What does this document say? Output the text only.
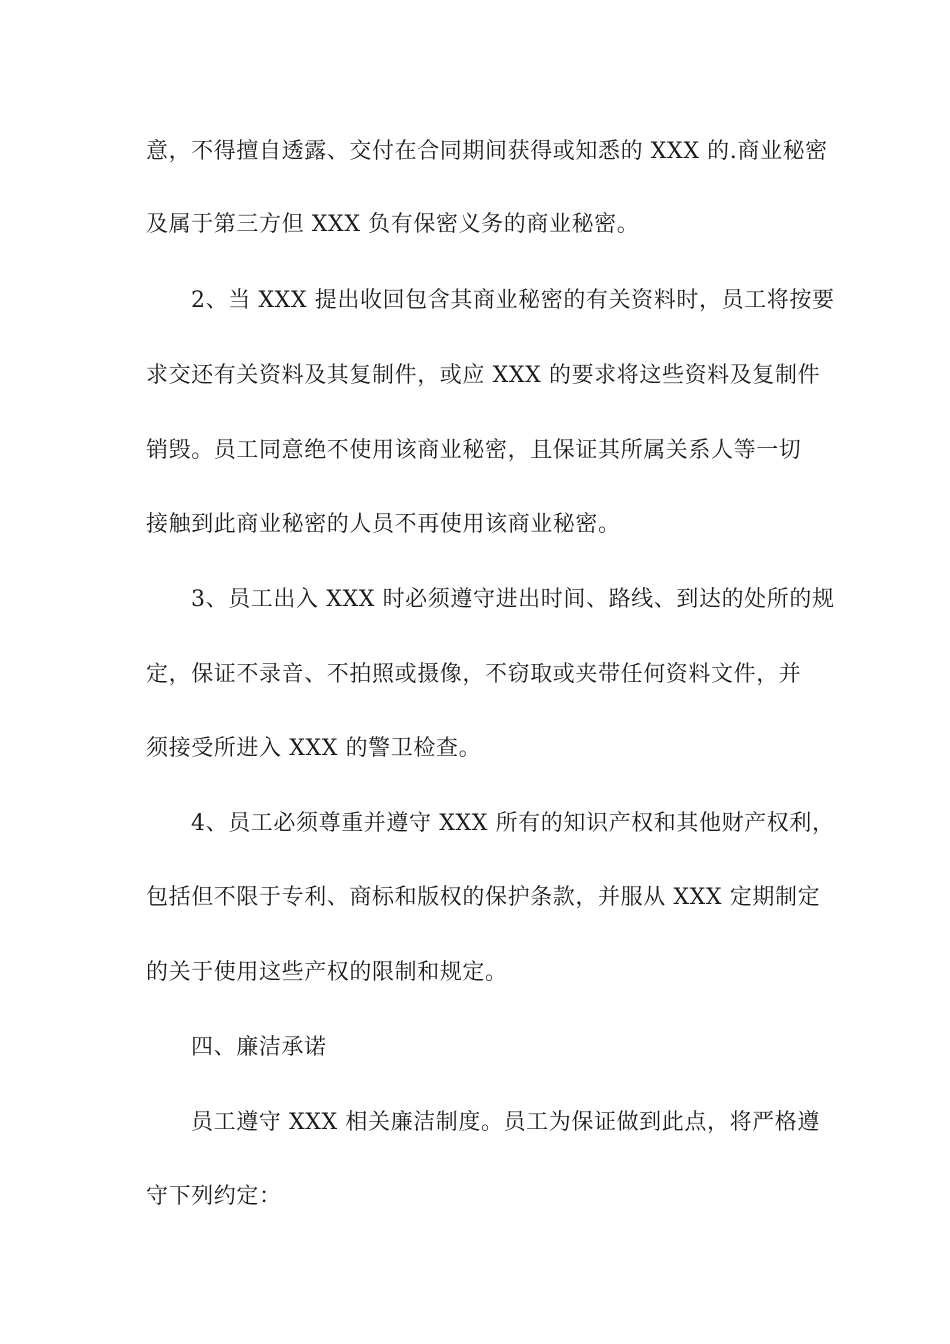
意，不得擅自透露、交付在合同期间获得或知悉的 XXX 的.商业秘密
及属于第三方但 XXX 负有保密义务的商业秘密。
2、当 XXX 提出收回包含其商业秘密的有关资料时，员工将按要
求交还有关资料及其复制件，或应 XXX 的要求将这些资料及复制件
销毁。员工同意绝不使用该商业秘密，且保证其所属关系人等一切
接触到此商业秘密的人员不再使用该商业秘密。
3、员工出入 XXX 时必须遵守进出时间、路线、到达的处所的规
定，保证不录音、不拍照或摄像，不窃取或夹带任何资料文件，并
须接受所进入 XXX 的警卫检查。
4、员工必须尊重并遵守 XXX 所有的知识产权和其他财产权利，
包括但不限于专利、商标和版权的保护条款，并服从 XXX 定期制定
的关于使用这些产权的限制和规定。
四、廉洁承诺
员工遵守 XXX 相关廉洁制度。员工为保证做到此点，将严格遵
守下列约定：
